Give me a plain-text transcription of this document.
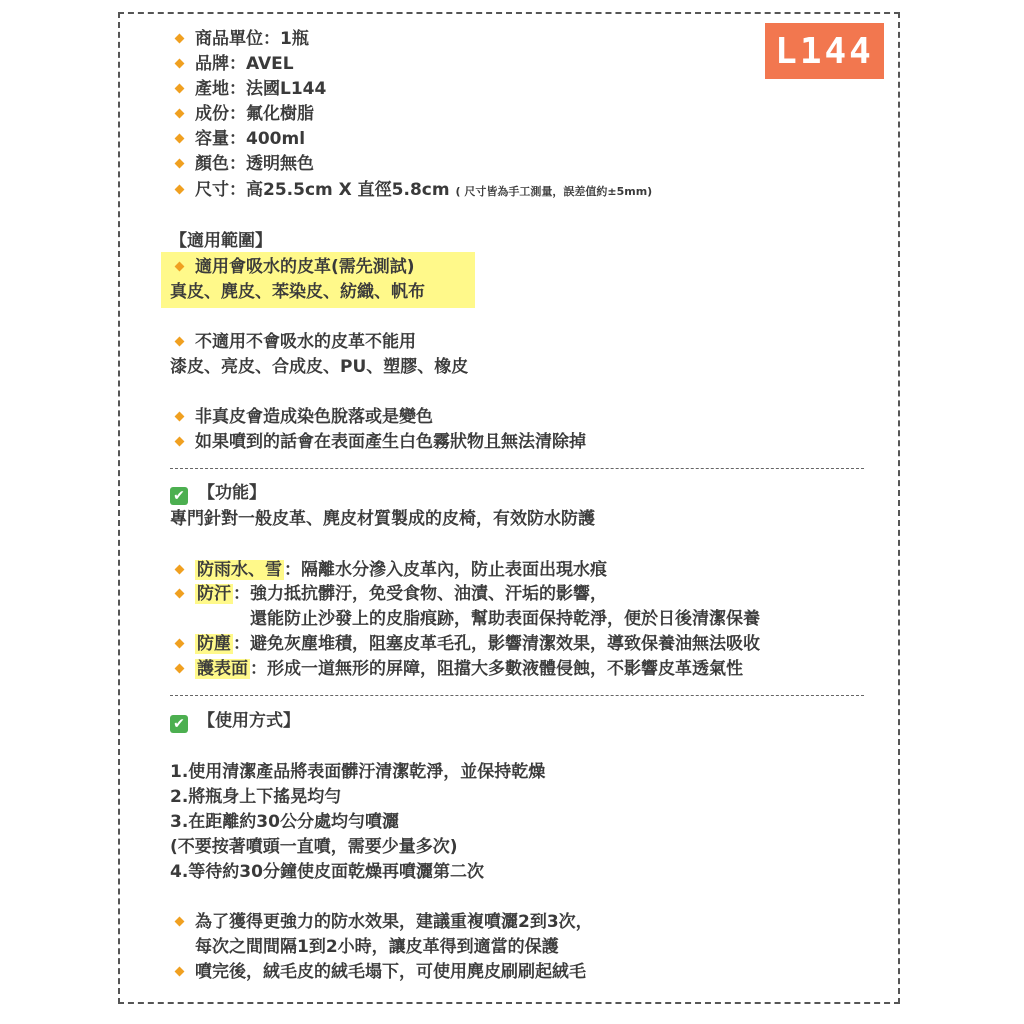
L144
商品單位：1瓶
品牌：AVEL
產地：法國L144
成份：氟化樹脂
容量：400ml
顏色：透明無色
尺寸：高25.5cm X 直徑5.8cm ( 尺寸皆為手工測量，誤差值約±5mm)
【適用範圍】
適用會吸水的皮革(需先測試)
真皮、麂皮、苯染皮、紡織、帆布
不適用不會吸水的皮革不能用
漆皮、亮皮、合成皮、PU、塑膠、橡皮
非真皮會造成染色脫落或是變色
如果噴到的話會在表面產生白色霧狀物且無法清除掉
✔ 【功能】
專門針對一般皮革、麂皮材質製成的皮椅，有效防水防護
防雨水、雪 ：隔離水分滲入皮革內，防止表面出現水痕
防汗 ：強力抵抗髒汙，免受食物、油漬、汗垢的影響，
還能防止沙發上的皮脂痕跡，幫助表面保持乾淨，便於日後清潔保養
防塵 ：避免灰塵堆積，阻塞皮革毛孔，影響清潔效果，導致保養油無法吸收
護表面 ：形成一道無形的屏障，阻擋大多數液體侵蝕，不影響皮革透氣性
✔ 【使用方式】
1.使用清潔產品將表面髒汙清潔乾淨，並保持乾燥
2.將瓶身上下搖晃均勻
3.在距離約30公分處均勻噴灑
(不要按著噴頭一直噴，需要少量多次)
4.等待約30分鐘使皮面乾燥再噴灑第二次
為了獲得更強力的防水效果，建議重複噴灑2到3次，
每次之間間隔1到2小時，讓皮革得到適當的保護
噴完後，絨毛皮的絨毛塌下，可使用麂皮刷刷起絨毛
